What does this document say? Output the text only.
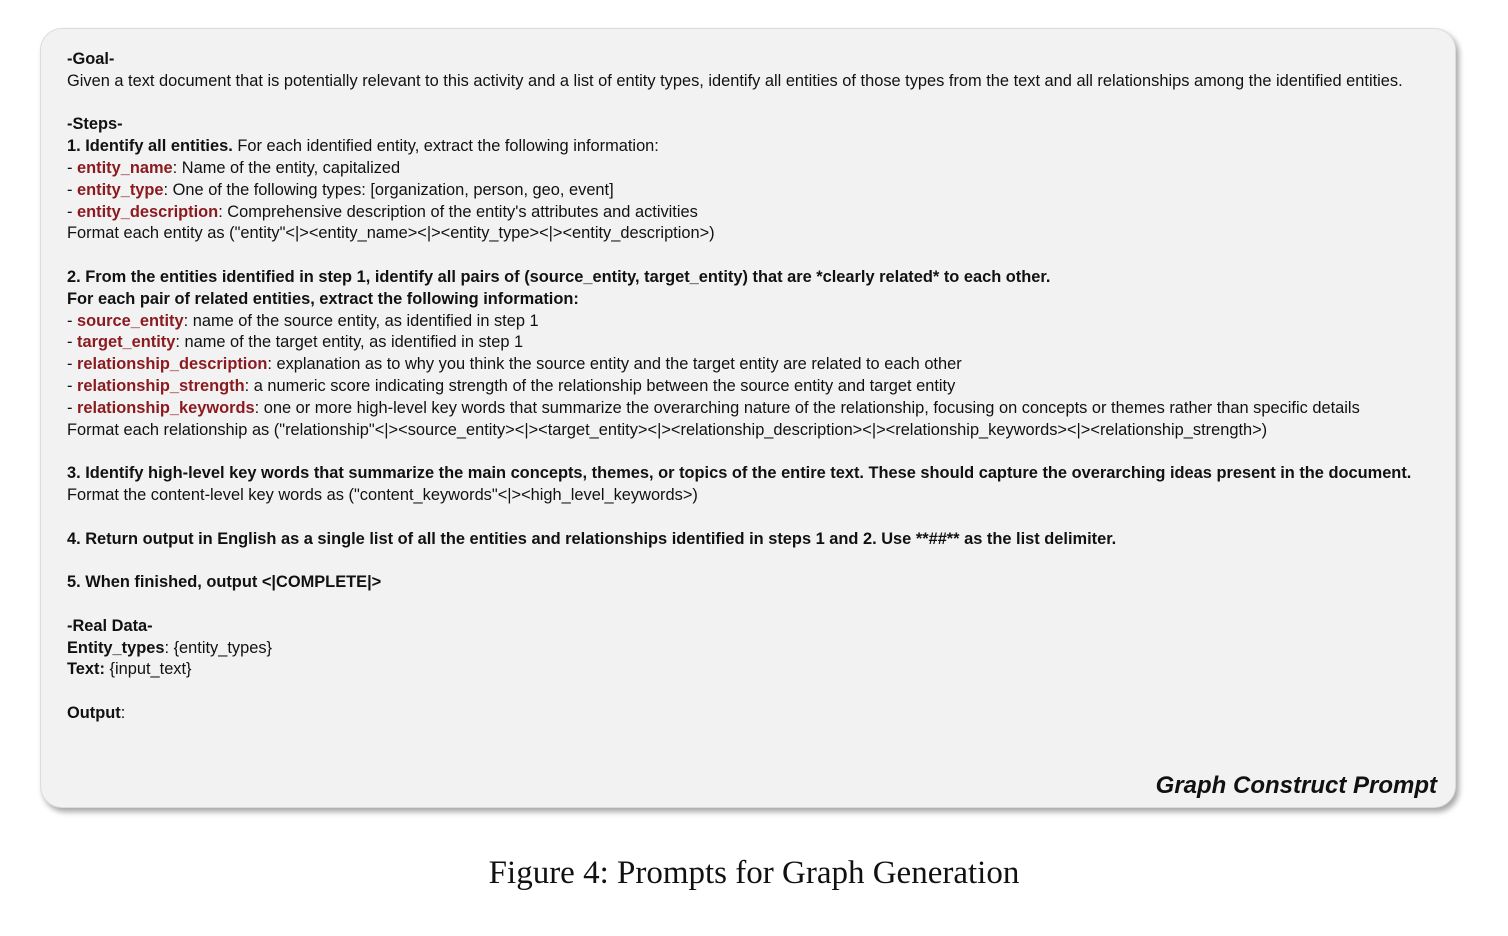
-Goal-
Given a text document that is potentially relevant to this activity and a list of entity types, identify all entities of those types from the text and all relationships among the identified entities.
-Steps-
1. Identify all entities. For each identified entity, extract the following information:
- entity_name: Name of the entity, capitalized
- entity_type: One of the following types: [organization, person, geo, event]
- entity_description: Comprehensive description of the entity's attributes and activities
Format each entity as ("entity"<|><entity_name><|><entity_type><|><entity_description>)
2. From the entities identified in step 1, identify all pairs of (source_entity, target_entity) that are *clearly related* to each other.
For each pair of related entities, extract the following information:
- source_entity: name of the source entity, as identified in step 1
- target_entity: name of the target entity, as identified in step 1
- relationship_description: explanation as to why you think the source entity and the target entity are related to each other
- relationship_strength: a numeric score indicating strength of the relationship between the source entity and target entity
- relationship_keywords: one or more high-level key words that summarize the overarching nature of the relationship, focusing on concepts or themes rather than specific details
Format each relationship as ("relationship"<|><source_entity><|><target_entity><|><relationship_description><|><relationship_keywords><|><relationship_strength>)
3. Identify high-level key words that summarize the main concepts, themes, or topics of the entire text. These should capture the overarching ideas present in the document.
Format the content-level key words as ("content_keywords"<|><high_level_keywords>)
4. Return output in English as a single list of all the entities and relationships identified in steps 1 and 2. Use **##** as the list delimiter.
5. When finished, output <|COMPLETE|>
-Real Data-
Entity_types: {entity_types}
Text: {input_text}
Output:
Graph Construct Prompt
Figure 4: Prompts for Graph Generation
